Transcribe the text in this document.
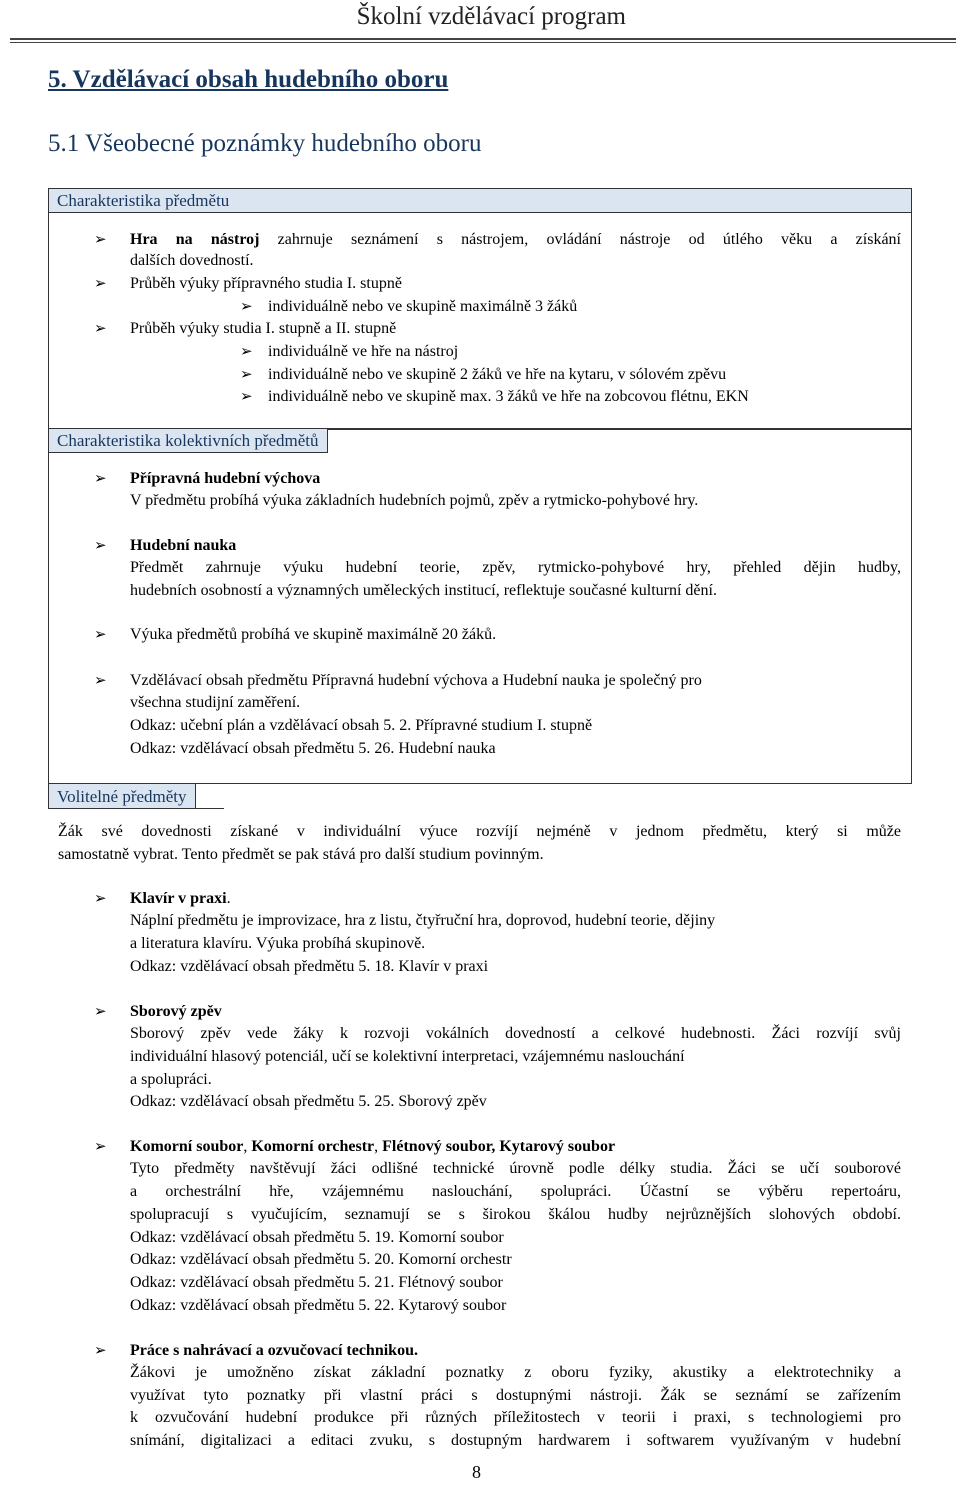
Školní vzdělávací program
5. Vzdělávací obsah hudebního oboru
5.1 Všeobecné poznámky hudebního oboru
Charakteristika předmětu
➢ Hra na nástroj zahrnuje seznámení s nástrojem, ovládání nástroje od útlého věku a získání
dalších dovedností.
➢ Průběh výuky přípravného studia I. stupně
➢ individuálně nebo ve skupině maximálně 3 žáků
➢ Průběh výuky studia I. stupně a II. stupně
➢ individuálně ve hře na nástroj
➢ individuálně nebo ve skupině 2 žáků ve hře na kytaru, v sólovém zpěvu
➢ individuálně nebo ve skupině max. 3 žáků ve hře na zobcovou flétnu, EKN
Charakteristika kolektivních předmětů
➢ Přípravná hudební výchova
V předmětu probíhá výuka základních hudebních pojmů, zpěv a rytmicko-pohybové hry.
➢ Hudební nauka
Předmět zahrnuje výuku hudební teorie, zpěv, rytmicko-pohybové hry, přehled dějin hudby,
hudebních osobností a významných uměleckých institucí, reflektuje současné kulturní dění.
➢ Výuka předmětů probíhá ve skupině maximálně 20 žáků.
➢ Vzdělávací obsah předmětu Přípravná hudební výchova a Hudební nauka je společný pro
všechna studijní zaměření.
Odkaz: učební plán a vzdělávací obsah 5. 2. Přípravné studium I. stupně
Odkaz: vzdělávací obsah předmětu 5. 26. Hudební nauka
Volitelné předměty
Žák své dovednosti získané v individuální výuce rozvíjí nejméně v jednom předmětu, který si může
samostatně vybrat. Tento předmět se pak stává pro další studium povinným.
➢ Klavír v praxi.
Náplní předmětu je improvizace, hra z listu, čtyřruční hra, doprovod, hudební teorie, dějiny
a literatura klavíru. Výuka probíhá skupinově.
Odkaz: vzdělávací obsah předmětu 5. 18. Klavír v praxi
➢ Sborový zpěv
Sborový zpěv vede žáky k rozvoji vokálních dovedností a celkové hudebnosti. Žáci rozvíjí svůj
individuální hlasový potenciál, učí se kolektivní interpretaci, vzájemnému naslouchání
a spolupráci.
Odkaz: vzdělávací obsah předmětu 5. 25. Sborový zpěv
➢ Komorní soubor, Komorní orchestr, Flétnový soubor, Kytarový soubor
Tyto předměty navštěvují žáci odlišné technické úrovně podle délky studia. Žáci se učí souborové
a orchestrální hře, vzájemnému naslouchání, spolupráci. Účastní se výběru repertoáru,
spolupracují s vyučujícím, seznamují se s širokou škálou hudby nejrůznějších slohových období.
Odkaz: vzdělávací obsah předmětu 5. 19. Komorní soubor
Odkaz: vzdělávací obsah předmětu 5. 20. Komorní orchestr
Odkaz: vzdělávací obsah předmětu 5. 21. Flétnový soubor
Odkaz: vzdělávací obsah předmětu 5. 22. Kytarový soubor
➢ Práce s nahrávací a ozvučovací technikou.
Žákovi je umožněno získat základní poznatky z oboru fyziky, akustiky a elektrotechniky a
využívat tyto poznatky při vlastní práci s dostupnými nástroji. Žák se seznámí se zařízením
k ozvučování hudební produkce při různých příležitostech v teorii i praxi, s technologiemi pro
snímání, digitalizaci a editaci zvuku, s dostupným hardwarem i softwarem využívaným v hudební
8
